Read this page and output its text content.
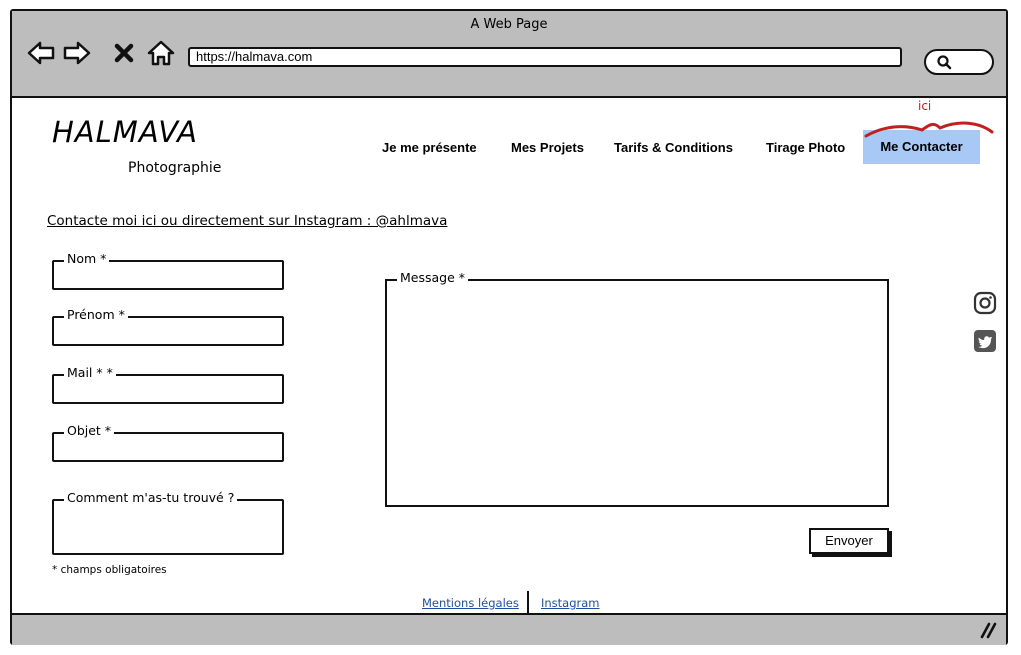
A Web Page
https://halmava.com
HALMAVA
Photographie
Je me présente	Mes Projets Tarifs & Conditions	Tirage Photo	Me Contacter
ici
Contacte moi ici ou directement sur Instagram : @ahlmava
Nom *
Prénom *
Mail * *
Objet *
Comment m'as-tu trouvé ?
* champs obligatoires
Message *
Envoyer
Mentions légales Instagram
